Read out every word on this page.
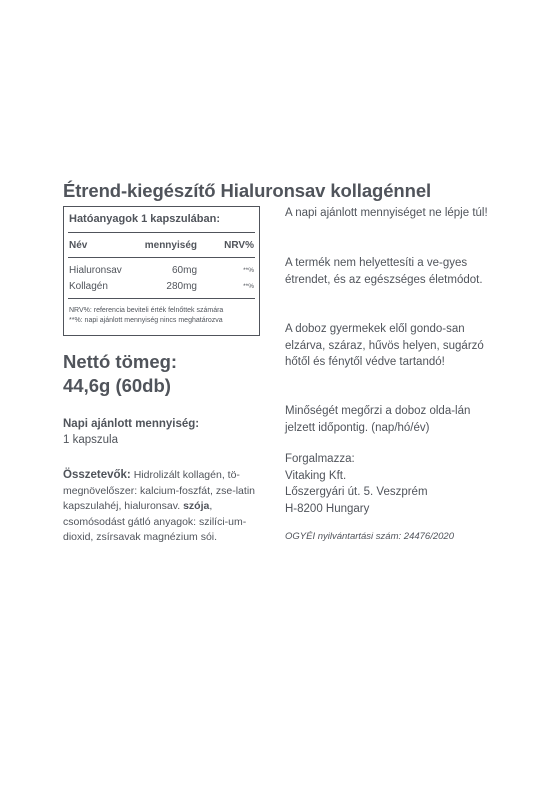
Étrend-kiegészítő Hialuronsav kollagénnel
Hatóanyagok 1 kapszulában:
Név	mennyiség	NRV%
Hialuronsav	60mg	**%
Kollagén	280mg	**%
NRV%: referencia beviteli érték felnőttek számára
**%: napi ajánlott mennyiség nincs meghatározva
Nettó tömeg:
44,6g (60db)
Napi ajánlott mennyiség:
1 kapszula
Összetevők: Hidrolizált kollagén, tö-megnövelőszer: kalcium-foszfát, zse-latin kapszulahéj, hialuronsav. szója, csomósodást gátló anyagok: szilíci-um-dioxid, zsírsavak magnézium sói.
A napi ajánlott mennyiséget ne lépje túl!
A termék nem helyettesíti a ve-gyes étrendet, és az egészséges életmódot.
A doboz gyermekek elől gondo-san elzárva, száraz, hűvös helyen, sugárzó hőtől és fénytől védve tartandó!
Minőségét megőrzi a doboz olda-lán jelzett időpontig. (nap/hó/év)
Forgalmazza:
Vitaking Kft.
Lőszergyári út. 5. Veszprém
H-8200 Hungary
OGYÉI nyilvántartási szám: 24476/2020
